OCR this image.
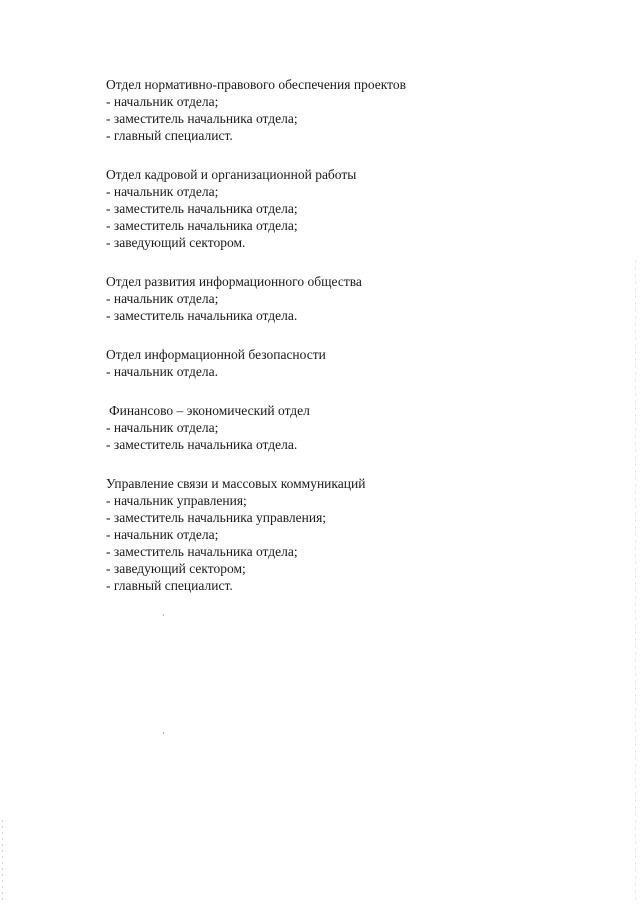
Отдел нормативно-правового обеспечения проектов
- начальник отдела;
- заместитель начальника отдела;
- главный специалист.
Отдел кадровой и организационной работы
- начальник отдела;
- заместитель начальника отдела;
- заместитель начальника отдела;
- заведующий сектором.
Отдел развития информационного общества
- начальник отдела;
- заместитель начальника отдела.
Отдел информационной безопасности
- начальник отдела.
Финансово – экономический отдел
- начальник отдела;
- заместитель начальника отдела.
Управление связи и массовых коммуникаций
- начальник управления;
- заместитель начальника управления;
- начальник отдела;
- заместитель начальника отдела;
- заведующий сектором;
- главный специалист.
